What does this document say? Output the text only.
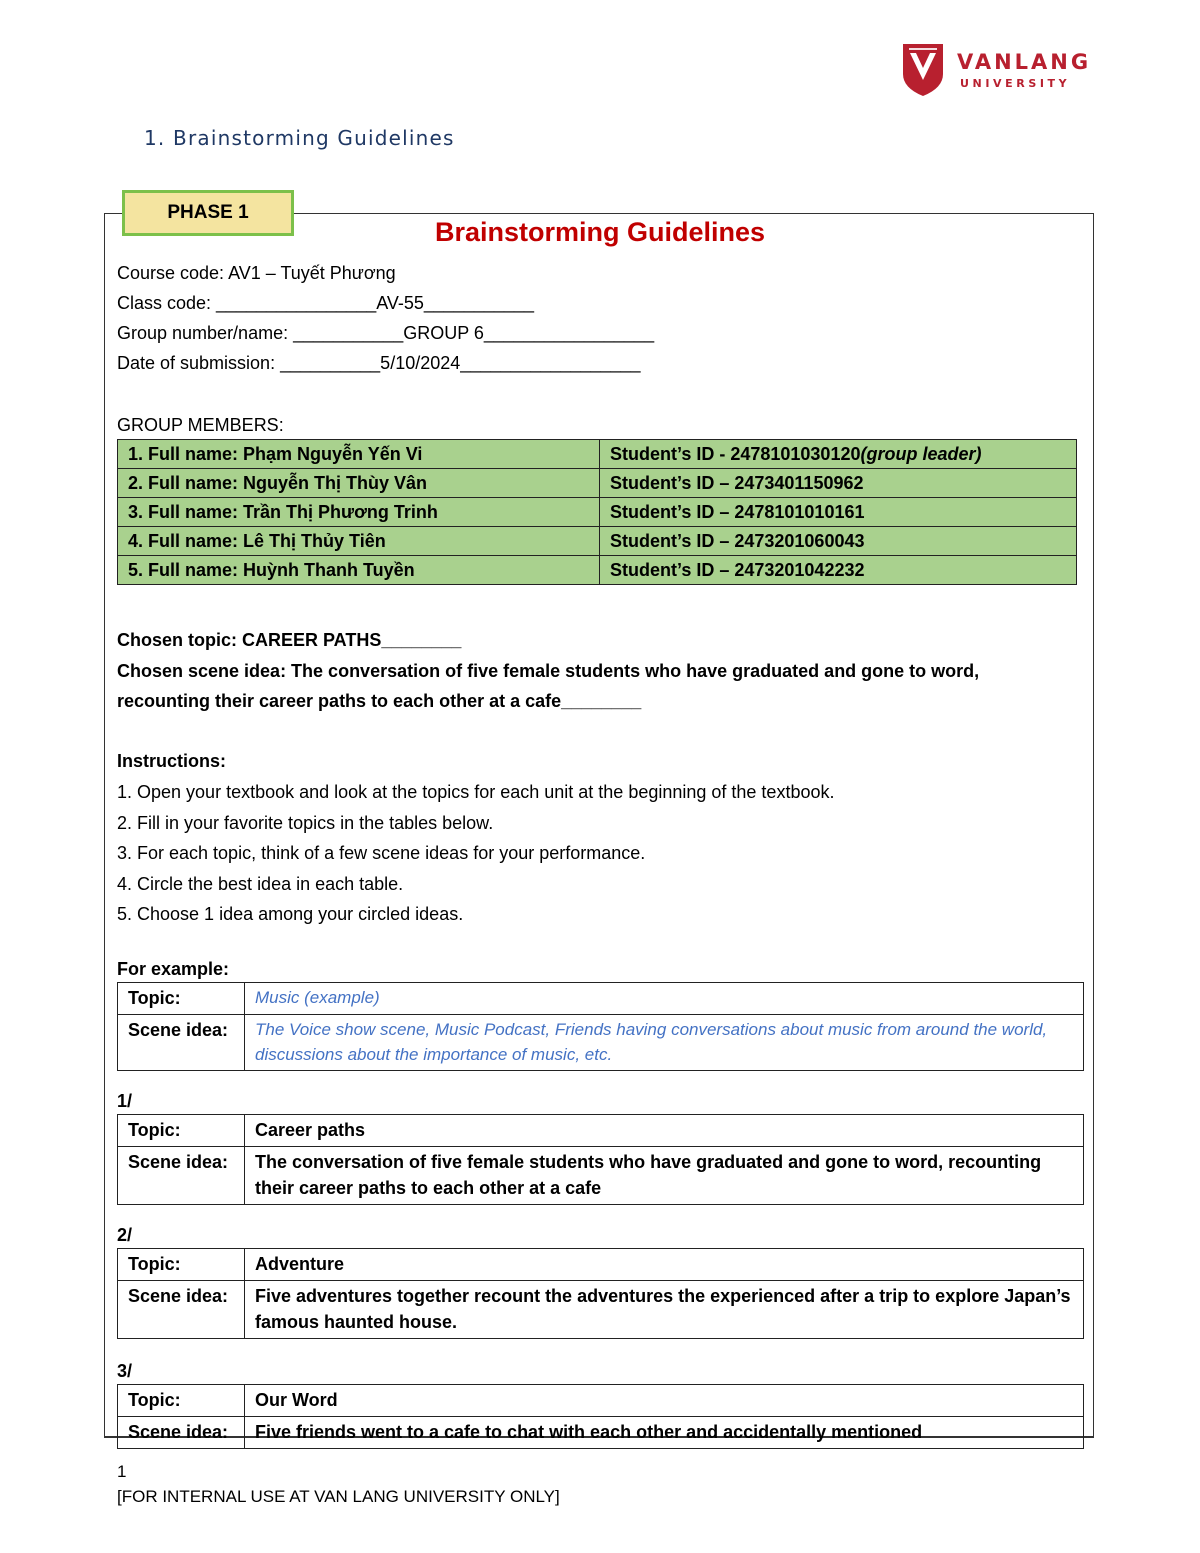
VANLANG
UNIVERSITY
1. Brainstorming Guidelines
PHASE 1
Brainstorming Guidelines
Course code: AV1 – Tuyết Phương
Class code: ________________AV-55___________
Group number/name: ___________GROUP 6_________________
Date of submission: __________5/10/2024__________________
GROUP MEMBERS:
1. Full name: Phạm Nguyễn Yến Vi	Student’s ID - 2478101030120(group leader)
2. Full name: Nguyễn Thị Thùy Vân	Student’s ID – 2473401150962
3. Full name: Trần Thị Phương Trinh	Student’s ID – 2478101010161
4. Full name: Lê Thị Thủy Tiên	Student’s ID – 2473201060043
5. Full name: Huỳnh Thanh Tuyền	Student’s ID – 2473201042232
Chosen topic: CAREER PATHS________
Chosen scene idea: The conversation of five female students who have graduated and gone to word,
recounting their career paths to each other at a cafe________
Instructions:
1. Open your textbook and look at the topics for each unit at the beginning of the textbook.
2. Fill in your favorite topics in the tables below.
3. For each topic, think of a few scene ideas for your performance.
4. Circle the best idea in each table.
5. Choose 1 idea among your circled ideas.
For example:
Topic:	Music (example)
Scene idea:	The Voice show scene, Music Podcast, Friends having conversations about music from around the world, discussions about the importance of music, etc.
1/
Topic:	Career paths
Scene idea:	The conversation of five female students who have graduated and gone to word, recounting their career paths to each other at a cafe
2/
Topic:	Adventure
Scene idea:	Five adventures together recount the adventures the experienced after a trip to explore Japan’s famous haunted house.
3/
Topic:	Our Word
Scene idea:	Five friends went to a cafe to chat with each other and accidentally mentioned
1
[FOR INTERNAL USE AT VAN LANG UNIVERSITY ONLY]
